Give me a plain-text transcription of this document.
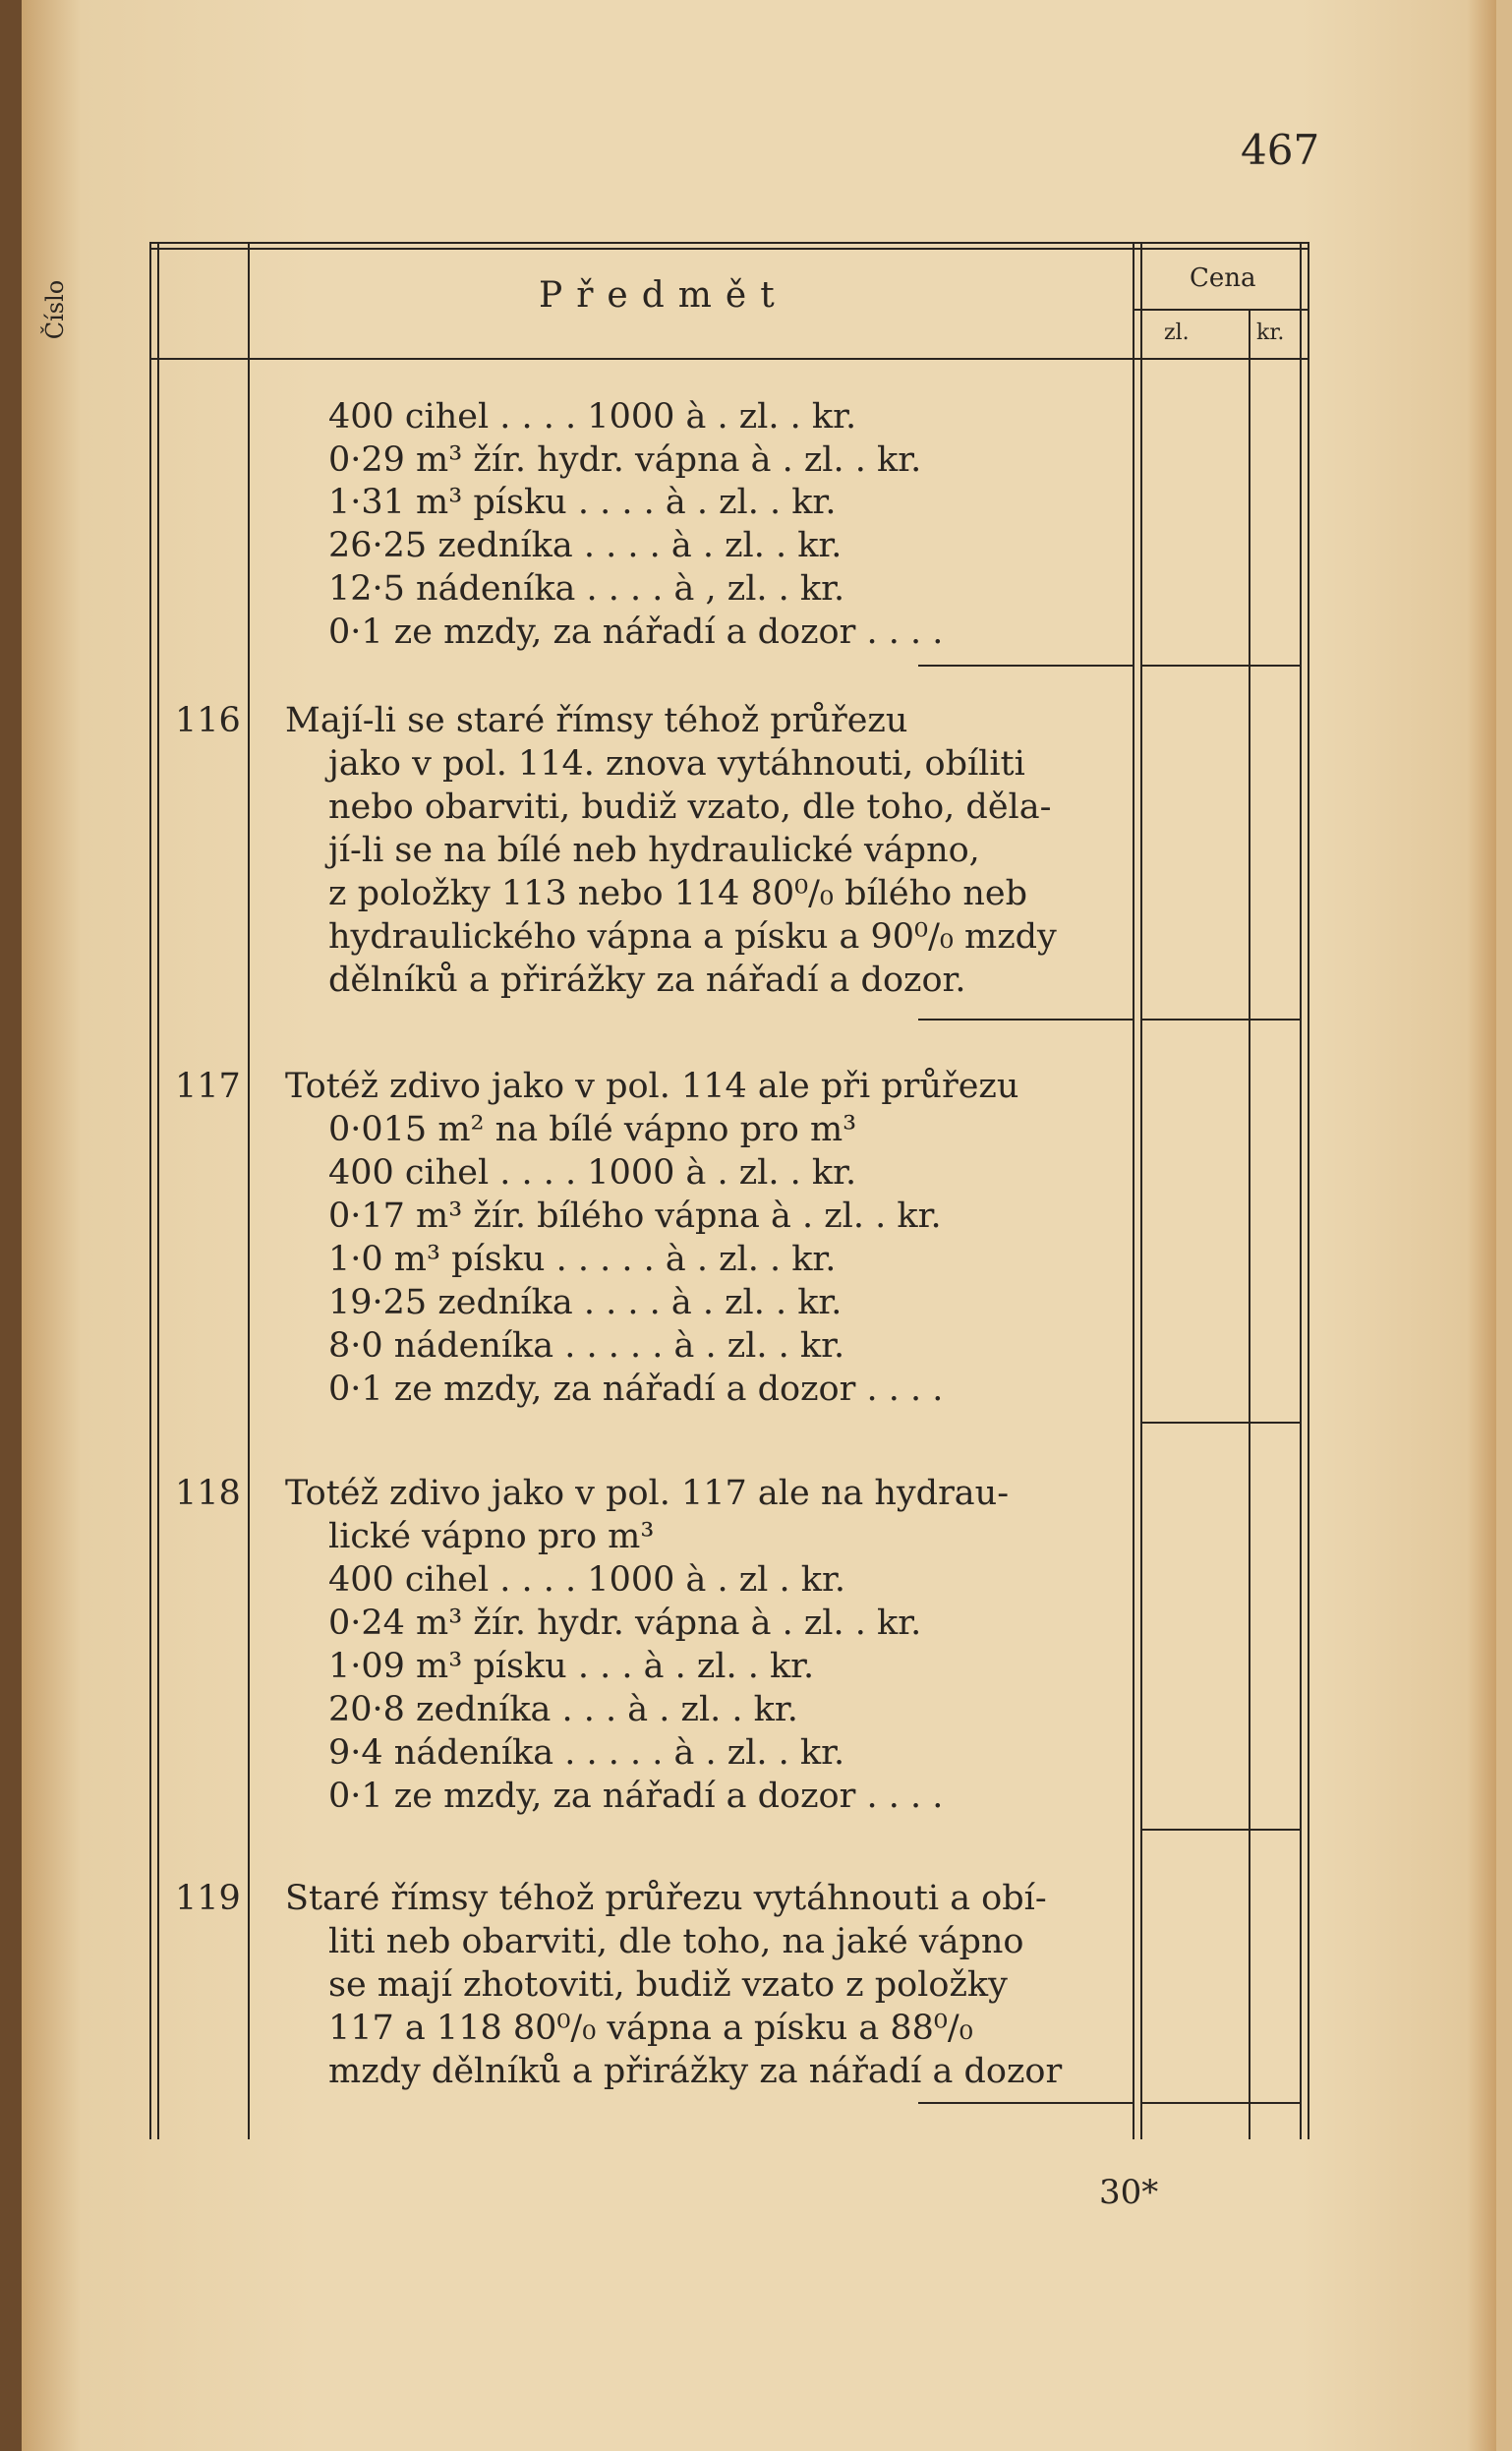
467
Číslo	Předmět	Cena
zl.	kr.
400 cihel . . . . 1000 à . zl. . kr.
0·29 m³ žír. hydr. vápna à . zl. . kr.
1·31 m³ písku . . . . à . zl. . kr.
26·25 zedníka . . . . à . zl. . kr.
12·5 nádeníka . . . . à , zl. . kr.
0·1 ze mzdy, za nářadí a dozor . . . .
116 Mají-li se staré římsy téhož průřezu
jako v pol. 114. znova vytáhnouti, obíliti
nebo obarviti, budiž vzato, dle toho, děla-
jí-li se na bílé neb hydraulické vápno,
z položky 113 nebo 114 80⁰/₀ bílého neb
hydraulického vápna a písku a 90⁰/₀ mzdy
dělníků a přirážky za nářadí a dozor.
117 Totéž zdivo jako v pol. 114 ale při průřezu
0·015 m² na bílé vápno pro m³
400 cihel . . . . 1000 à . zl. . kr.
0·17 m³ žír. bílého vápna à . zl. . kr.
1·0 m³ písku . . . . . à . zl. . kr.
19·25 zedníka . . . . à . zl. . kr.
8·0 nádeníka . . . . . à . zl. . kr.
0·1 ze mzdy, za nářadí a dozor . . . .
118 Totéž zdivo jako v pol. 117 ale na hydrau-
lické vápno pro m³
400 cihel . . . . 1000 à . zl . kr.
0·24 m³ žír. hydr. vápna à . zl. . kr.
1·09 m³ písku . . . à . zl. . kr.
20·8 zedníka . . . à . zl. . kr.
9·4 nádeníka . . . . . à . zl. . kr.
0·1 ze mzdy, za nářadí a dozor . . . .
119 Staré římsy téhož průřezu vytáhnouti a obí-
liti neb obarviti, dle toho, na jaké vápno
se mají zhotoviti, budiž vzato z položky
117 a 118 80⁰/₀ vápna a písku a 88⁰/₀
mzdy dělníků a přirážky za nářadí a dozor
30*
